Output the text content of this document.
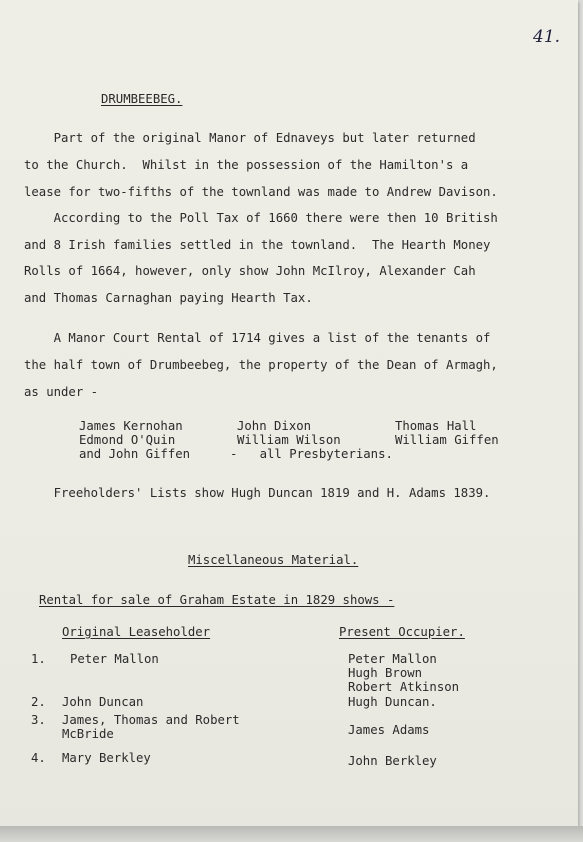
41.
DRUMBEEBEG.
Part of the original Manor of Ednaveys but later returned
to the Church.  Whilst in the possession of the Hamilton's a
lease for two-fifths of the townland was made to Andrew Davison.
According to the Poll Tax of 1660 there were then 10 British
and 8 Irish families settled in the townland.  The Hearth Money
Rolls of 1664, however, only show John McIlroy, Alexander Cah
and Thomas Carnaghan paying Hearth Tax.
A Manor Court Rental of 1714 gives a list of the tenants of
the half town of Drumbeebeg, the property of the Dean of Armagh,
as under -
James Kernohan	John Dixon	Thomas Hall
Edmond O'Quin	William Wilson	William Giffen
and John Giffen	-   all Presbyterians.
Freeholders' Lists show Hugh Duncan 1819 and H. Adams 1839.
Miscellaneous Material.
Rental for sale of Graham Estate in 1829 shows -
Original Leaseholder	Present Occupier.
1. Peter Mallon	Peter Mallon
Hugh Brown
Robert Atkinson
2. John Duncan	Hugh Duncan.
3. James, Thomas and Robert
McBride	James Adams
4. Mary Berkley	John Berkley
